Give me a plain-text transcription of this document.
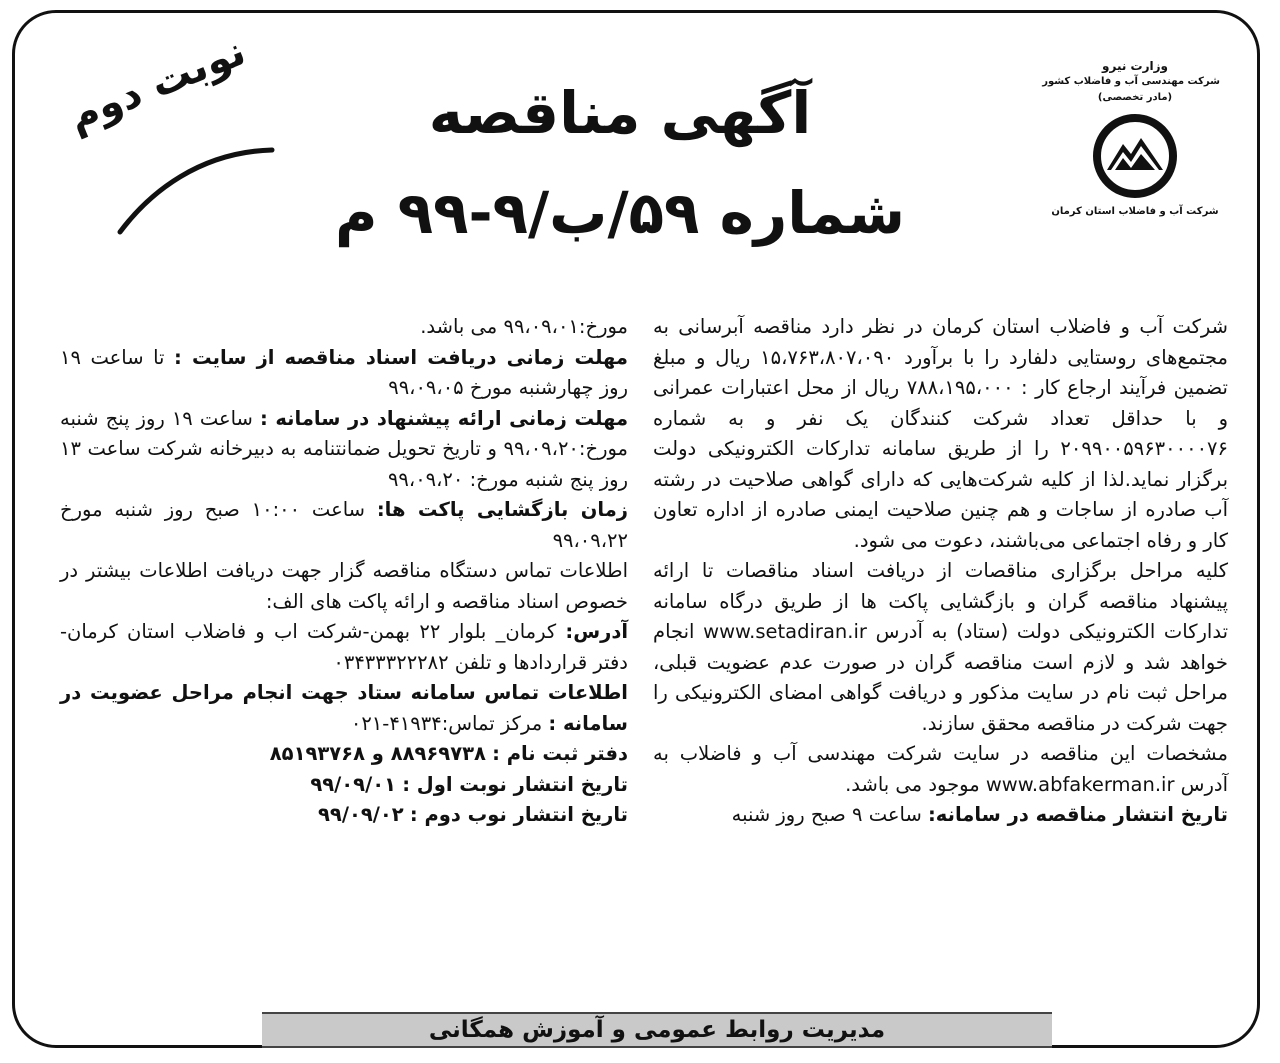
وزارت نیرو
شرکت مهندسی آب و فاضلاب کشور
(مادر تخصصی)
شرکت آب و فاضلاب استان کرمان
آگهی مناقصه
شماره ۵۹/ب/۹-۹۹ م
نوبت دوم

شرکت آب و فاضلاب استان کرمان در نظر دارد مناقصه آبرسانی به مجتمع‌های روستایی دلفارد را با برآورد ۱۵،۷۶۳،۸۰۷،۰۹۰ ریال و مبلغ تضمین فرآیند ارجاع کار : ۷۸۸،۱۹۵،۰۰۰ ریال از محل اعتبارات عمرانی و با حداقل تعداد شرکت کنندگان یک نفر و به شماره ۲۰۹۹۰۰۵۹۶۳۰۰۰۰۷۶ را از طریق سامانه تدارکات الکترونیکی دولت برگزار نماید.لذا از کلیه شرکت‌هایی که دارای گواهی صلاحیت در رشته آب صادره از ساجات و هم چنین صلاحیت ایمنی صادره از اداره تعاون کار و رفاه اجتماعی می‌باشند، دعوت می شود.

کلیه مراحل برگزاری مناقصات از دریافت اسناد مناقصات تا ارائه پیشنهاد مناقصه گران و بازگشایی پاکت ها از طریق درگاه سامانه تدارکات الکترونیکی دولت (ستاد) به آدرس www.setadiran.ir انجام خواهد شد و لازم است مناقصه گران در صورت عدم عضویت قبلی، مراحل ثبت نام در سایت مذکور و دریافت گواهی امضای الکترونیکی را جهت شرکت در مناقصه محقق سازند.

مشخصات این مناقصه در سایت شرکت مهندسی آب و فاضلاب به آدرس www.abfakerman.ir موجود می باشد.

تاریخ انتشار مناقصه در سامانه: ساعت ۹ صبح روز شنبه

مورخ:۹۹،۰۹،۰۱ می باشد.

مهلت زمانی دریافت اسناد مناقصه از سایت : تا ساعت ۱۹ روز چهارشنبه مورخ ۹۹،۰۹،۰۵

مهلت زمانی ارائه پیشنهاد در سامانه : ساعت ۱۹ روز پنج شنبه مورخ:۹۹،۰۹،۲۰ و تاریخ تحویل ضمانتنامه به دبیرخانه شرکت ساعت ۱۳ روز پنج شنبه مورخ: ۹۹،۰۹،۲۰

زمان بازگشایی پاکت ها: ساعت ۱۰:۰۰ صبح روز شنبه مورخ ۹۹،۰۹،۲۲

اطلاعات تماس دستگاه مناقصه گزار جهت دریافت اطلاعات بیشتر در خصوص اسناد مناقصه و ارائه پاکت های الف:

آدرس: کرمان_ بلوار ۲۲ بهمن-شرکت اب و فاضلاب استان کرمان-دفتر قراردادها و تلفن ۰۳۴۳۳۳۲۲۲۸۲

اطلاعات تماس سامانه ستاد جهت انجام مراحل عضویت در سامانه : مرکز تماس:۴۱۹۳۴-۰۲۱

دفتر ثبت نام : ۸۸۹۶۹۷۳۸ و ۸۵۱۹۳۷۶۸

تاریخ انتشار نوبت اول : ۹۹/۰۹/۰۱

تاریخ انتشار نوب دوم : ۹۹/۰۹/۰۲

مدیریت روابط عمومی و آموزش همگانی
